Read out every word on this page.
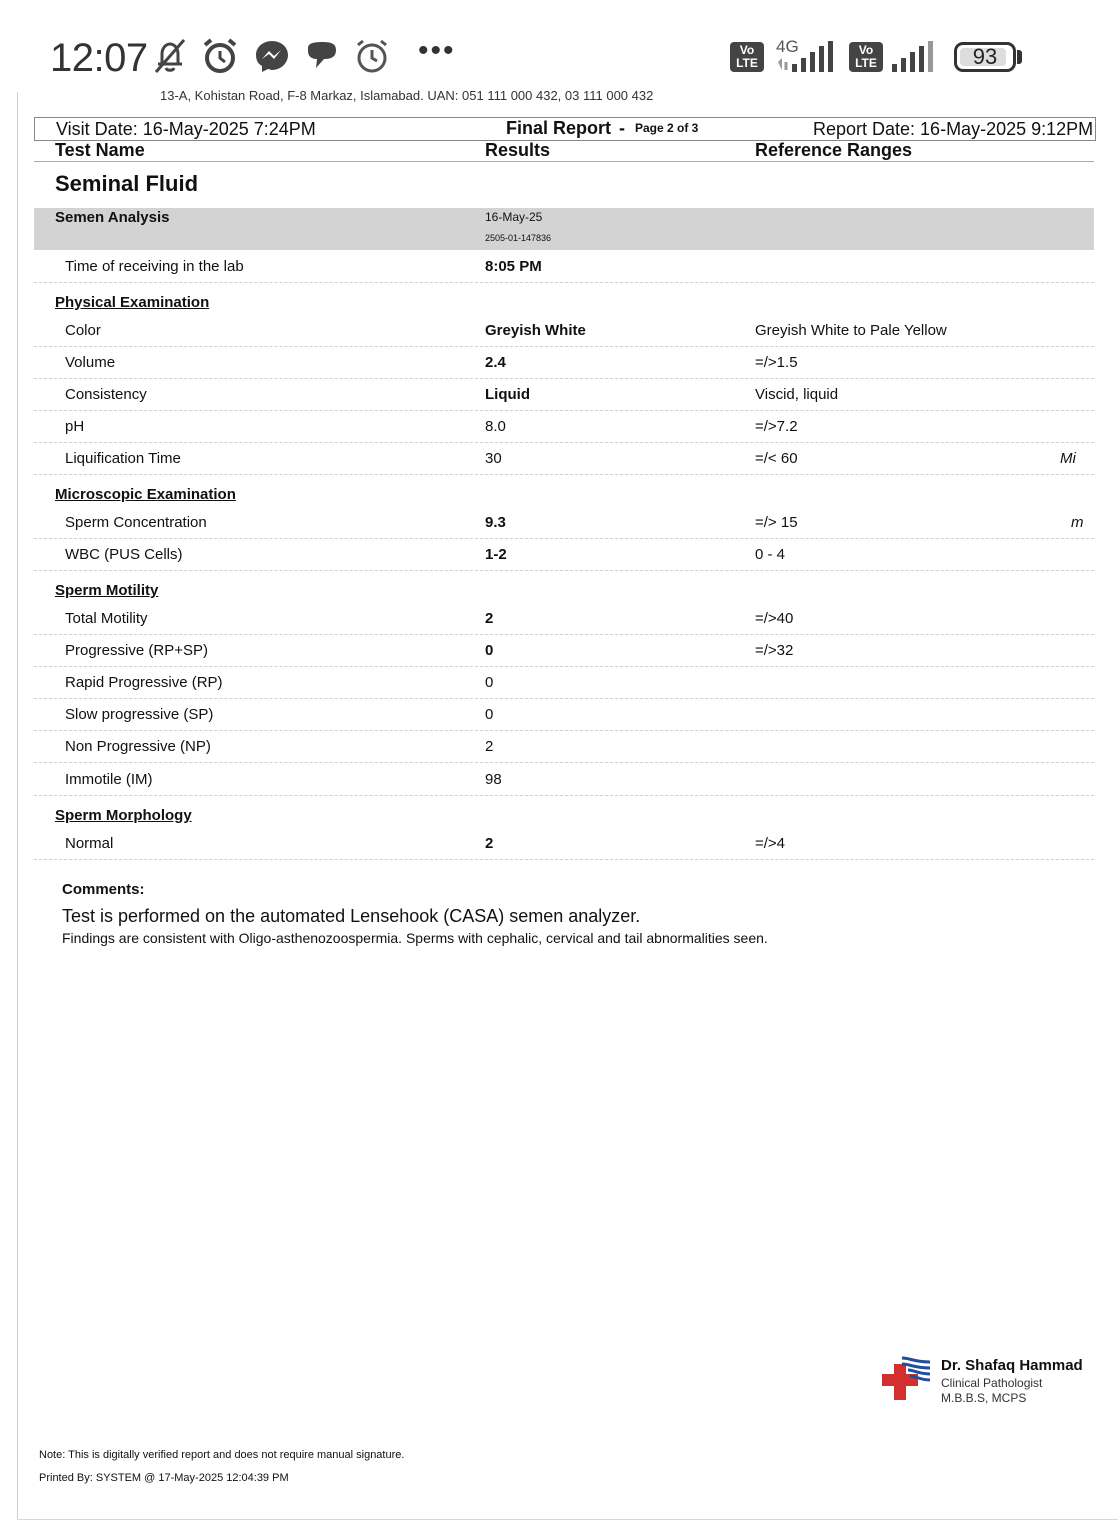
12:07	•••	Vo LTE
4G	Vo LTE	93
13-A, Kohistan Road, F-8 Markaz, Islamabad. UAN: 051 111 000 432, 03 111 000 432
Visit Date: 16-May-2025 7:24PM	Final Report - Page 2 of 3	Report Date: 16-May-2025 9:12PM
Test Name	Results	Reference Ranges
Seminal Fluid
Semen Analysis	16-May-25
2505-01-147836
Time of receiving in the lab	8:05 PM
Physical Examination
Color	Greyish White	Greyish White to Pale Yellow
Volume	2.4	=/>1.5
Consistency	Liquid	Viscid, liquid
pH	8.0	=/>7.2
Liquification Time	30	=/< 60	Mi
Microscopic Examination
Sperm Concentration	9.3	=/> 15	m
WBC (PUS Cells)	1-2	0 - 4
Sperm Motility
Total Motility	2	=/>40
Progressive (RP+SP)	0	=/>32
Rapid Progressive (RP)	0
Slow progressive (SP)	0
Non Progressive (NP)	2
Immotile (IM)	98
Sperm Morphology
Normal	2	=/>4
Comments:
Test is performed on the automated Lensehook (CASA) semen analyzer.
Findings are consistent with Oligo-asthenozoospermia. Sperms with cephalic, cervical and tail abnormalities seen.
Dr. Shafaq Hammad
Clinical Pathologist
M.B.B.S, MCPS
Note: This is digitally verified report and does not require manual signature.
Printed By: SYSTEM @ 17-May-2025 12:04:39 PM
